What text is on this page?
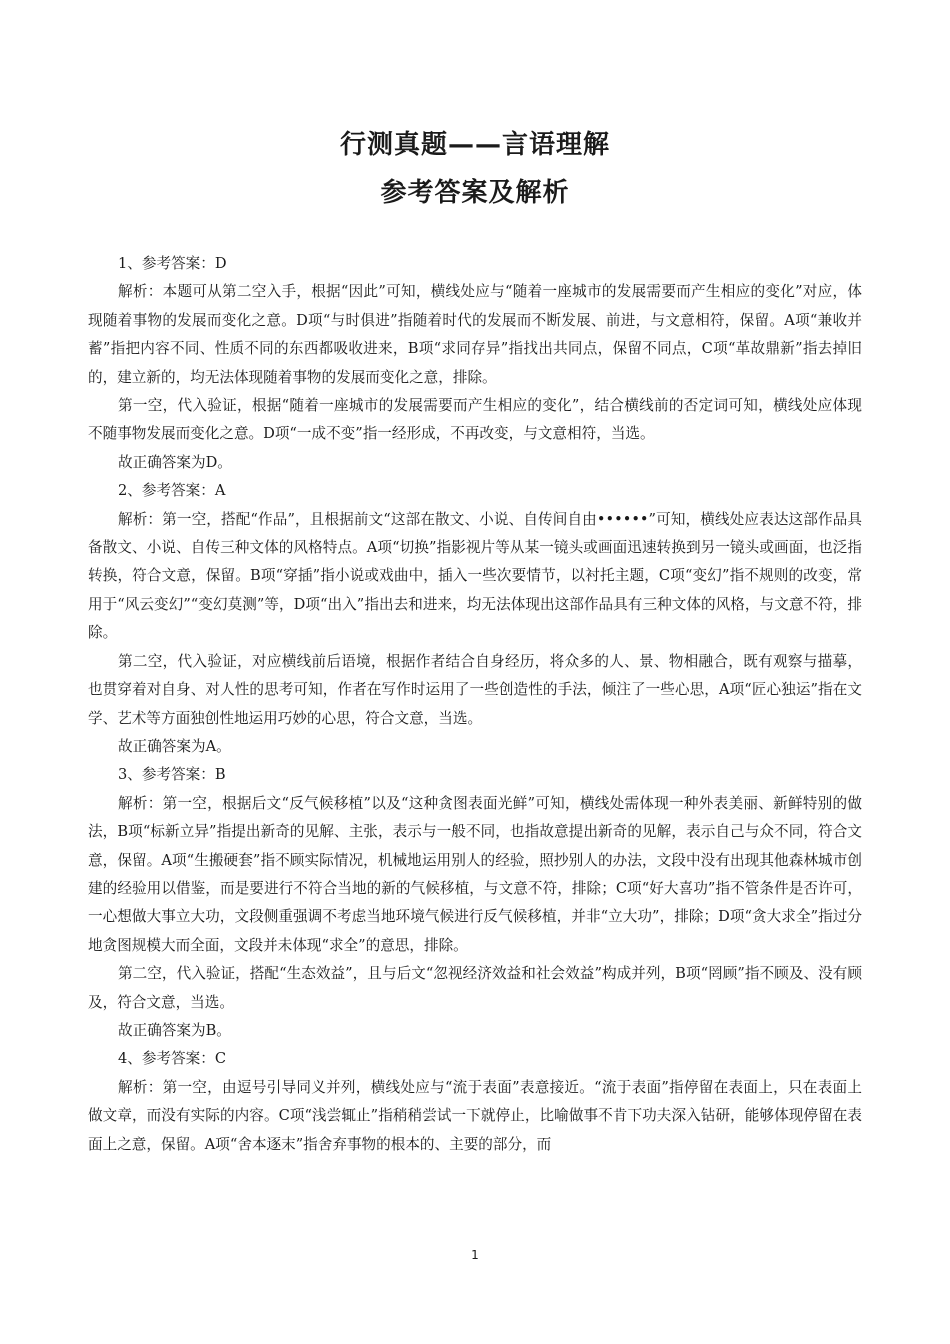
行测真题——言语理解
参考答案及解析

1、参考答案：D

解析：本题可从第二空入手，根据“因此”可知，横线处应与“随着一座城市的发展需要而产生相应的变化”对应，体现随着事物的发展而变化之意。D项“与时俱进”指随着时代的发展而不断发展、前进，与文意相符，保留。A项“兼收并蓄”指把内容不同、性质不同的东西都吸收进来，B项“求同存异”指找出共同点，保留不同点，C项“革故鼎新”指去掉旧的，建立新的，均无法体现随着事物的发展而变化之意，排除。

第一空，代入验证，根据“随着一座城市的发展需要而产生相应的变化”，结合横线前的否定词可知，横线处应体现不随事物发展而变化之意。D项“一成不变”指一经形成，不再改变，与文意相符，当选。

故正确答案为D。

2、参考答案：A

解析：第一空，搭配“作品”，且根据前文“这部在散文、小说、自传间自由••••••”可知，横线处应表达这部作品具备散文、小说、自传三种文体的风格特点。A项“切换”指影视片等从某一镜头或画面迅速转换到另一镜头或画面，也泛指转换，符合文意，保留。B项“穿插”指小说或戏曲中，插入一些次要情节，以衬托主题，C项“变幻”指不规则的改变，常用于“风云变幻”“变幻莫测”等，D项“出入”指出去和进来，均无法体现出这部作品具有三种文体的风格，与文意不符，排除。

第二空，代入验证，对应横线前后语境，根据作者结合自身经历，将众多的人、景、物相融合，既有观察与描摹，也贯穿着对自身、对人性的思考可知，作者在写作时运用了一些创造性的手法，倾注了一些心思，A项“匠心独运”指在文学、艺术等方面独创性地运用巧妙的心思，符合文意，当选。

故正确答案为A。

3、参考答案：B

解析：第一空，根据后文“反气候移植”以及“这种贪图表面光鲜”可知，横线处需体现一种外表美丽、新鲜特别的做法，B项“标新立异”指提出新奇的见解、主张，表示与一般不同，也指故意提出新奇的见解，表示自己与众不同，符合文意，保留。A项“生搬硬套”指不顾实际情况，机械地运用别人的经验，照抄别人的办法，文段中没有出现其他森林城市创建的经验用以借鉴，而是要进行不符合当地的新的气候移植，与文意不符，排除；C项“好大喜功”指不管条件是否许可，一心想做大事立大功，文段侧重强调不考虑当地环境气候进行反气候移植，并非“立大功”，排除；D项“贪大求全”指过分地贪图规模大而全面，文段并未体现“求全”的意思，排除。

第二空，代入验证，搭配“生态效益”，且与后文“忽视经济效益和社会效益”构成并列，B项“罔顾”指不顾及、没有顾及，符合文意，当选。

故正确答案为B。

4、参考答案：C

解析：第一空，由逗号引导同义并列，横线处应与“流于表面”表意接近。“流于表面”指停留在表面上，只在表面上做文章，而没有实际的内容。C项“浅尝辄止”指稍稍尝试一下就停止，比喻做事不肯下功夫深入钻研，能够体现停留在表面上之意，保留。A项“舍本逐末”指舍弃事物的根本的、主要的部分，而

1
